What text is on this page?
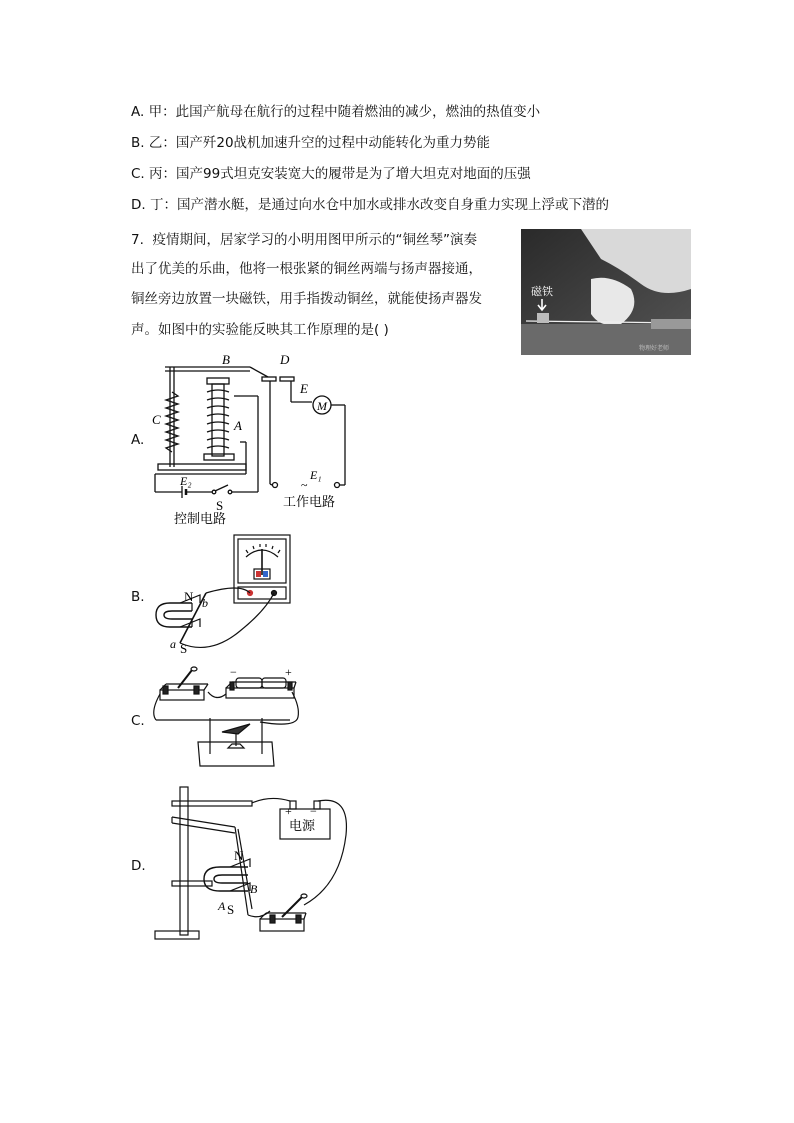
A. 甲：此国产航母在航行的过程中随着燃油的减少，燃油的热值变小
B. 乙：国产歼20战机加速升空的过程中动能转化为重力势能
C. 丙：国产99式坦克安装宽大的履带是为了增大坦克对地面的压强
D. 丁：国产潜水艇，是通过向水仓中加水或排水改变自身重力实现上浮或下潜的
7. 疫情期间，居家学习的小明用图甲所示的“铜丝琴”演奏
出了优美的乐曲，他将一根张紧的铜丝两端与扬声器接通，
铜丝旁边放置一块磁铁，用手指拨动铜丝，就能使扬声器发
声。如图中的实验能反映其工作原理的是( )
磁铁
物理好老师
A.
B	D
E
C	A
M
E₂
S
E₁
~
控制电路
工作电路
B.	N b
a S
C.
−	+
D.
+ −
电源
N
B
A S
